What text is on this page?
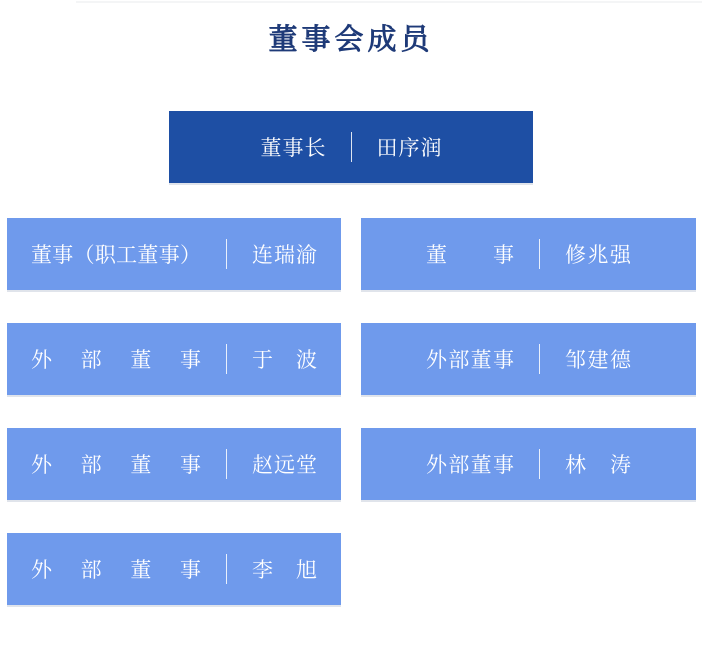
董事会成员
董事长 田序润
董事（职工董事） 连瑞渝	董事 修兆强
外部董事 于波	外部董事 邹建德
外部董事 赵远堂	外部董事 林涛
外部董事 李旭
